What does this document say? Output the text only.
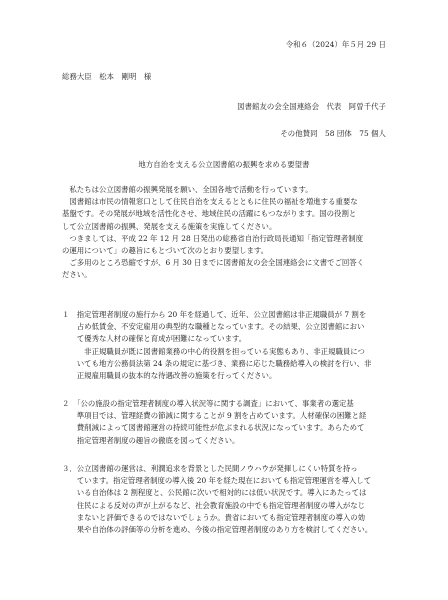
令和６（2024）年５月 29 日
総務大臣　松本　剛明　様
図書館友の会全国連絡会　代表　阿曽千代子
その他賛同　58 団体　75 個人
地方自治を支える公立図書館の振興を求める要望書
　私たちは公立図書館の振興発展を願い、全国各地で活動を行っています。
　図書館は市民の情報窓口として住民自治を支えるとともに住民の福祉を増進する重要な
基盤です。その発展が地域を活性化させ、地域住民の活躍にもつながります。国の役割と
して公立図書館の振興、発展を支える施策を実施してください。
　つきましては、平成 22 年 12 月 28 日発出の総務省自治行政局長通知「指定管理者制度
の運用について」の趣旨にもとづいて次のとおり要望します。
　ご多用のところ恐縮ですが、6 月 30 日までに図書館友の会全国連絡会に文書でご回答く
ださい。
１　指定管理者制度の施行から 20 年を経過して、近年、公立図書館は非正規職員が 7 割を
　　占め低賃金、不安定雇用の典型的な職種となっています。その結果、公立図書館におい
　　て優秀な人材の確保と育成が困難になっています。
　　　非正規職員が既に図書館業務の中心的役割を担っている実態もあり、非正規職員につ
　　いても地方公務員法第 24 条の規定に基づき、業務に応じた職務給導入の検討を行い、非
　　正規雇用職員の抜本的な待遇改善の施策を行ってください。
２　「公の施設の指定管理者制度の導入状況等に関する調査」において、事業者の選定基
　　準項目では、管理経費の節減に関することが 9 割を占めています。人材確保の困難と経
　　費削減によって図書館運営の持続可能性が危ぶまれる状況になっています。あらためて
　　指定管理者制度の趣旨の徹底を図ってください。
３．公立図書館の運営は、利潤追求を背景とした民間ノウハウが発揮しにくい特質を持っ
　　ています。指定管理者制度の導入後 20 年を経た現在においても指定管理運営を導入して
　　いる自治体は 2 割程度と、公民館に次いで相対的には低い状況です。導入にあたっては
　　住民による反対の声が上がるなど、社会教育施設の中でも指定管理者制度の導入がなじ
　　まないと評価できるのではないでしょうか。貴省においても指定管理者制度の導入の効
　　果や自治体の評価等の分析を進め、今後の指定管理者制度のあり方を検討してください。
